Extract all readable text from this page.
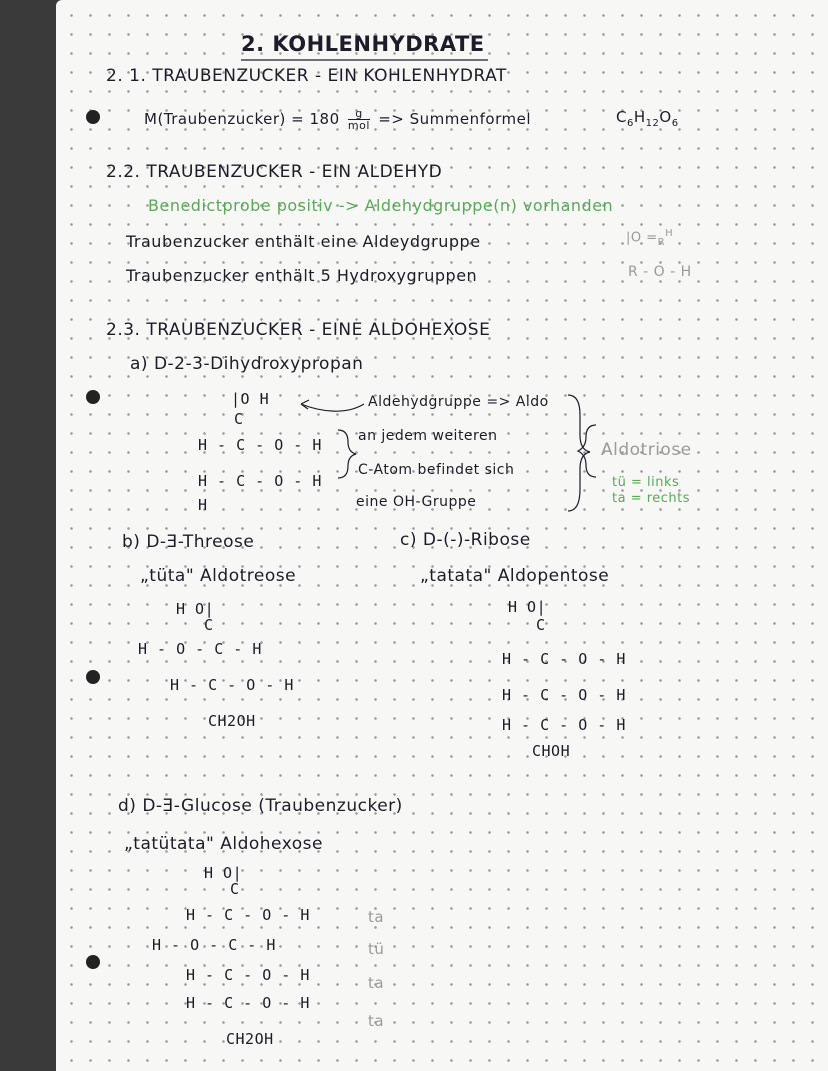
2. KOHLENHYDRATE
2. 1. TRAUBENZUCKER - EIN KOHLENHYDRAT
M(Traubenzucker) = 180	g
mol => Summenformel	$C_6H_{12}O_6$
2.2. TRAUBENZUCKER - EIN ALDEHYD
Benedictprobe positiv -> Aldehydgruppe(n) vorhanden
Traubenzucker enthält eine Aldeydgruppe
Traubenzucker enthält 5 Hydroxygruppen
$|O =_R^H$
R - O - H
2.3. TRAUBENZUCKER - EINE ALDOHEXOSE
a) D-2-3-Dihydroxypropan
|O H
C
H - C - O - H
H - C - O - H
H
Aldehydgruppe => Aldo
an jedem weiteren
C-Atom befindet sich
eine OH-Gruppe
Aldotriose
tü = links
ta = rechts
b) D-Ǝ-Threose
„tüta" Aldotreose
H O|
C
H - O - C - H
H - C - O - H
CH2OH
c) D-(-)-Ribose
„tatata" Aldopentose
H O|
C
H - C - O - H
H - C - O - H
H - C - O - H
CHOH
d) D-Ǝ-Glucose (Traubenzucker)
„tatütata" Aldohexose
H O|
C
H - C - O - H
H - O - C - H
H - C - O - H
H - C - O - H
CH2OH
ta
tü
ta
ta
